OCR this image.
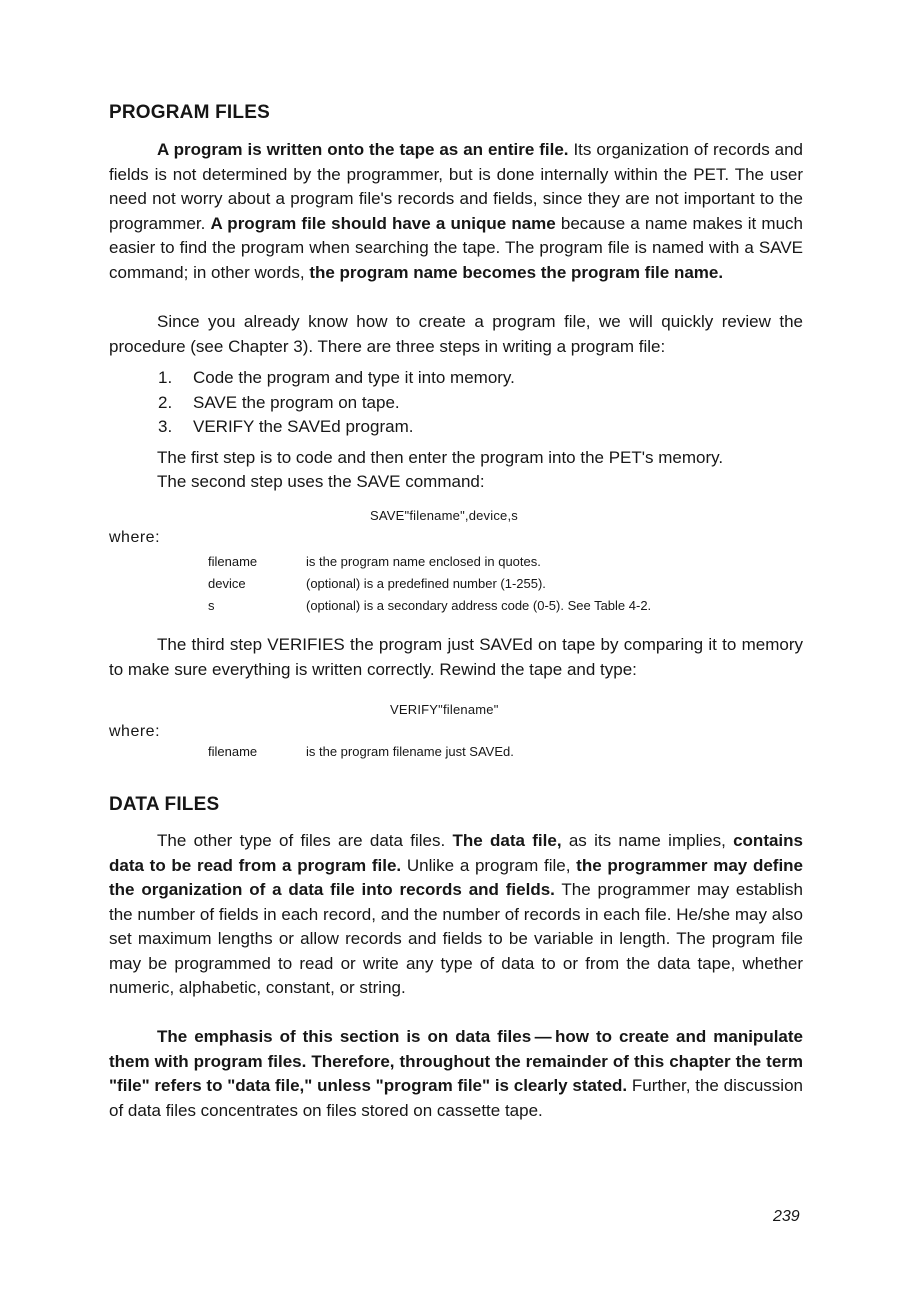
PROGRAM FILES

A program is written onto the tape as an entire file. Its organization of records and fields is not determined by the programmer, but is done internally within the PET. The user need not worry about a program file's records and fields, since they are not important to the programmer. A program file should have a unique name because a name makes it much easier to find the program when searching the tape. The program file is named with a SAVE command; in other words, the program name becomes the program file name.

Since you already know how to create a program file, we will quickly review the procedure (see Chapter 3). There are three steps in writing a program file:

1.	Code the program and type it into memory.
2.	SAVE the program on tape.
3.	VERIFY the SAVEd program.

The first step is to code and then enter the program into the PET's memory.

The second step uses the SAVE command:

SAVE"filename",device,s

where:

filename	is the program name enclosed in quotes.
device	(optional) is a predefined number (1-255).
s	(optional) is a secondary address code (0-5). See Table 4-2.

The third step VERIFIES the program just SAVEd on tape by comparing it to memory to make sure everything is written correctly. Rewind the tape and type:

VERIFY"filename"

where:

filename	is the program filename just SAVEd.
DATA FILES

The other type of files are data files. The data file, as its name implies, contains data to be read from a program file. Unlike a program file, the programmer may define the organization of a data file into records and fields. The programmer may establish the number of fields in each record, and the number of records in each file. He/she may also set maximum lengths or allow records and fields to be variable in length. The program file may be programmed to read or write any type of data to or from the data tape, whether numeric, alphabetic, constant, or string.

The emphasis of this section is on data files — how to create and manipulate them with program files. Therefore, throughout the remainder of this chapter the term "file" refers to "data file," unless "program file" is clearly stated. Further, the discussion of data files concentrates on files stored on cassette tape.

239
